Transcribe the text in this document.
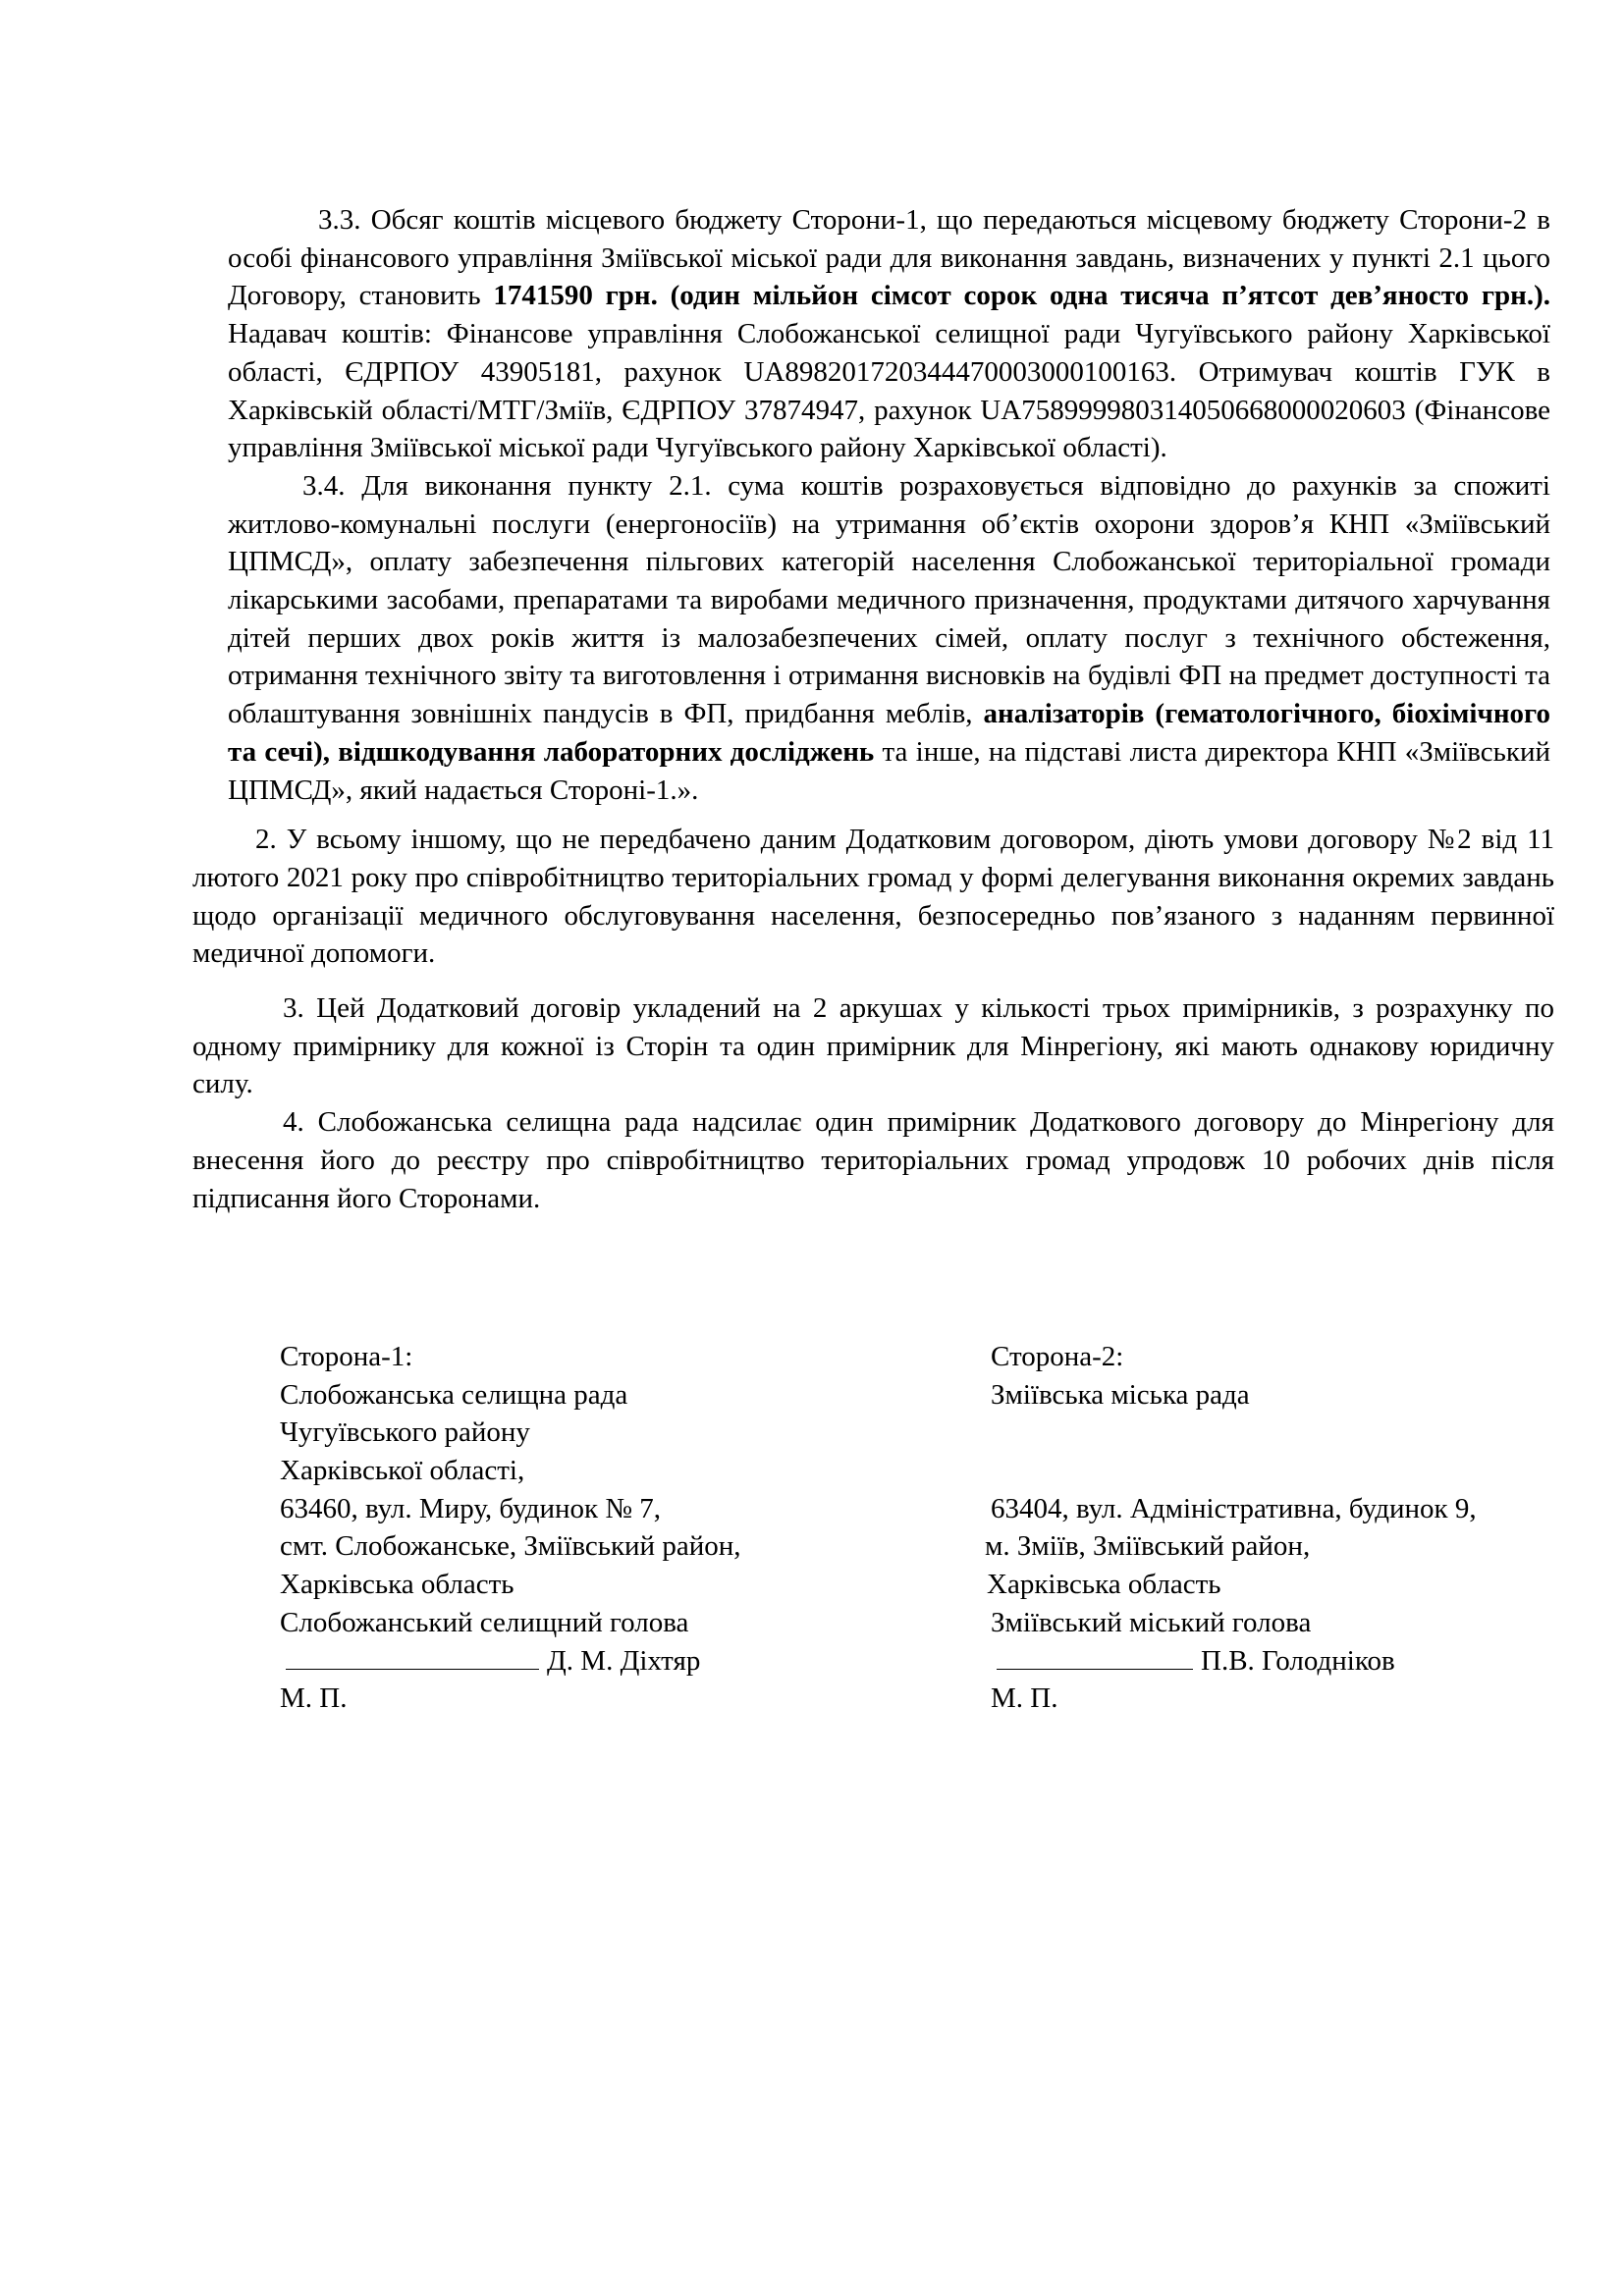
3.3. Обсяг коштів місцевого бюджету Сторони-1, що передаються місцевому бюджету Сторони-2 в особі фінансового управління Зміївської міської ради для виконання завдань, визначених у пункті 2.1 цього Договору, становить 1741590 грн. (один мільйон сімсот сорок одна тисяча п’ятсот дев’яносто грн.). Надавач коштів: Фінансове управління Слобожанської селищної ради Чугуївського району Харківської області, ЄДРПОУ 43905181, рахунок UA898201720344470003000100163. Отримувач коштів ГУК в Харківській області/МТГ/Зміїв, ЄДРПОУ 37874947, рахунок UA758999980314050668000020603 (Фінансове управління Зміївської міської ради Чугуївського району Харківської області).

3.4. Для виконання пункту 2.1. сума коштів розраховується відповідно до рахунків за спожиті житлово-комунальні послуги (енергоносіїв) на утримання об’єктів охорони здоров’я КНП «Зміївський ЦПМСД», оплату забезпечення пільгових категорій населення Слобожанської територіальної громади лікарськими засобами, препаратами та виробами медичного призначення, продуктами дитячого харчування дітей перших двох років життя із малозабезпечених сімей, оплату послуг з технічного обстеження, отримання технічного звіту та виготовлення і отримання висновків на будівлі ФП на предмет доступності та облаштування зовнішніх пандусів в ФП, придбання меблів, аналізаторів (гематологічного, біохімічного та сечі), відшкодування лабораторних досліджень та інше, на підставі листа директора КНП «Зміївський ЦПМСД», який надається Стороні-1.».

2. У всьому іншому, що не передбачено даним Додатковим договором, діють умови договору №2 від 11 лютого 2021 року про співробітництво територіальних громад у формі делегування виконання окремих завдань щодо організації медичного обслуговування населення, безпосередньо пов’язаного з наданням первинної медичної допомоги.

3. Цей Додатковий договір укладений на 2 аркушах у кількості трьох примірників, з розрахунку по одному примірнику для кожної із Сторін та один примірник для Мінрегіону, які мають однакову юридичну силу.

4. Слобожанська селищна рада надсилає один примірник Додаткового договору до Мінрегіону для внесення його до реєстру про співробітництво територіальних громад упродовж 10 робочих днів після підписання його Сторонами.

Сторона-1:
Слобожанська селищна рада
Чугуївського району
Харківської області,
63460, вул. Миру, будинок № 7,
смт. Слобожанське, Зміївський район,
Харківська область
Слобожанський селищний голова
Д. М. Діхтяр
М. П.
Сторона-2:
Зміївська міська рада
63404, вул. Адміністративна, будинок 9,
м. Зміїв, Зміївський район,
Харківська область
Зміївський міський голова
П.В. Голодніков
М. П.
